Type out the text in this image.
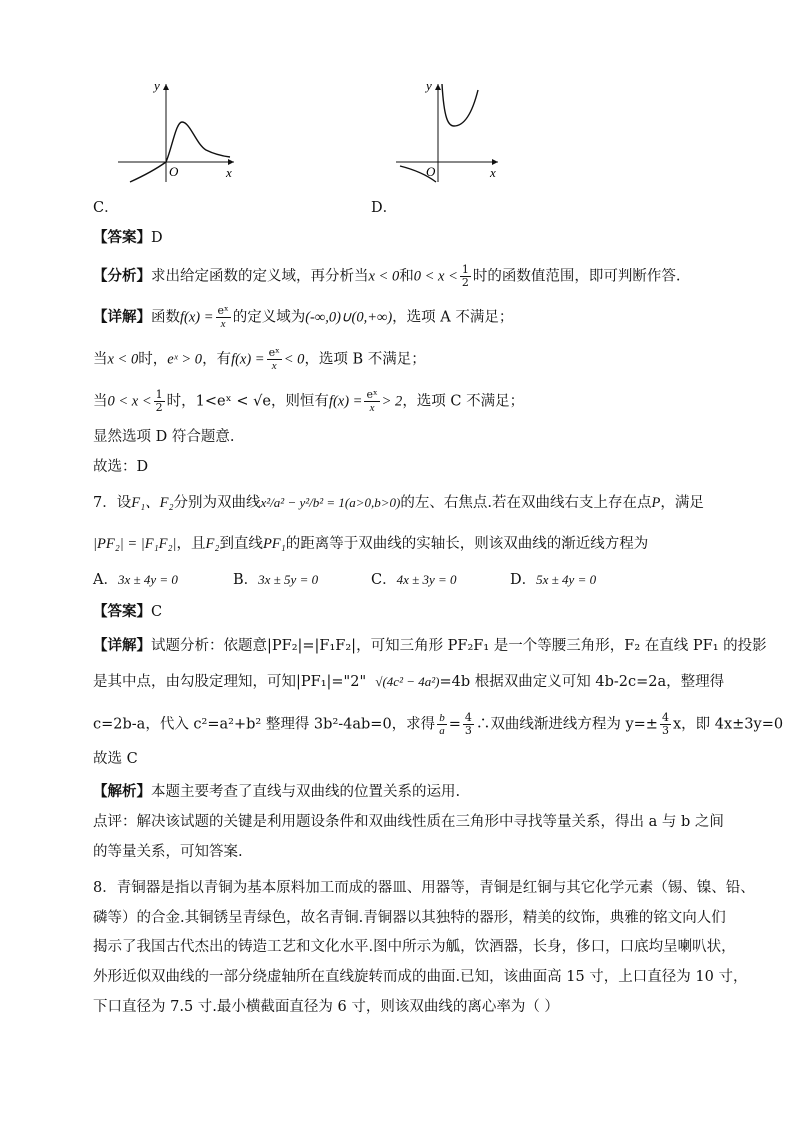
y
x
O
C．
y
x
O
D．
【答案】D
【分析】求出给定函数的定义域，再分析当x < 0和$0 < x < \frac{1}{2}$ 时的函数值范围，即可判断作答.
【详解】函数$f(x) = \frac{\text{eˣ}}{x}$ 的定义域为(-∞,0)∪(0,+∞)，选项 A 不满足；
当x < 0时，eˣ > 0，有$f(x) = \frac{\text{eˣ}}{x} < 0$，选项 B 不满足；
当$0 < x < \frac{1}{2}$ 时，1<eˣ < √e，则恒有$f(x) = \frac{\text{eˣ}}{x} > 2$，选项 C 不满足；
显然选项 D 符合题意.
故选：D
7．设F₁、F₂分别为双曲线x²/a² − y²/b² = 1(a>0,b>0)的左、右焦点.若在双曲线右支上存在点P，满足
|PF₂| = |F₁F₂|，且F₂到直线PF₁的距离等于双曲线的实轴长，则该双曲线的渐近线方程为
A．3x ± 4y = 0	B．3x ± 5y = 0	C．4x ± 3y = 0	D．5x ± 4y = 0
【答案】C
【详解】试题分析：依题意|PF₂|=|F₁F₂|，可知三角形 PF₂F₁ 是一个等腰三角形，F₂ 在直线 PF₁ 的投影
是其中点，由勾股定理知，可知|PF₁|="2" √(4c² − 4a²)=4b 根据双曲定义可知 4b-2c=2a，整理得
c=2b-a，代入 c²=a²+b² 整理得 3b²-4ab=0，求得 $\frac{b}{a} = \frac{4}{3}$ ∴双曲线渐进线方程为 $y=\pm \frac{4}{3}$ x，即 4x±3y=0
故选 C
【解析】本题主要考查了直线与双曲线的位置关系的运用.
点评：解决该试题的关键是利用题设条件和双曲线性质在三角形中寻找等量关系，得出 a 与 b 之间
的等量关系，可知答案.
8．青铜器是指以青铜为基本原料加工而成的器皿、用器等，青铜是红铜与其它化学元素（锡、镍、铅、
磷等）的合金.其铜锈呈青绿色，故名青铜.青铜器以其独特的器形，精美的纹饰，典雅的铭文向人们
揭示了我国古代杰出的铸造工艺和文化水平.图中所示为觚，饮酒器，长身，侈口，口底均呈喇叭状，
外形近似双曲线的一部分绕虚轴所在直线旋转而成的曲面.已知，该曲面高 15 寸，上口直径为 10 寸，
下口直径为 7.5 寸.最小横截面直径为 6 寸，则该双曲线的离心率为（ ）
